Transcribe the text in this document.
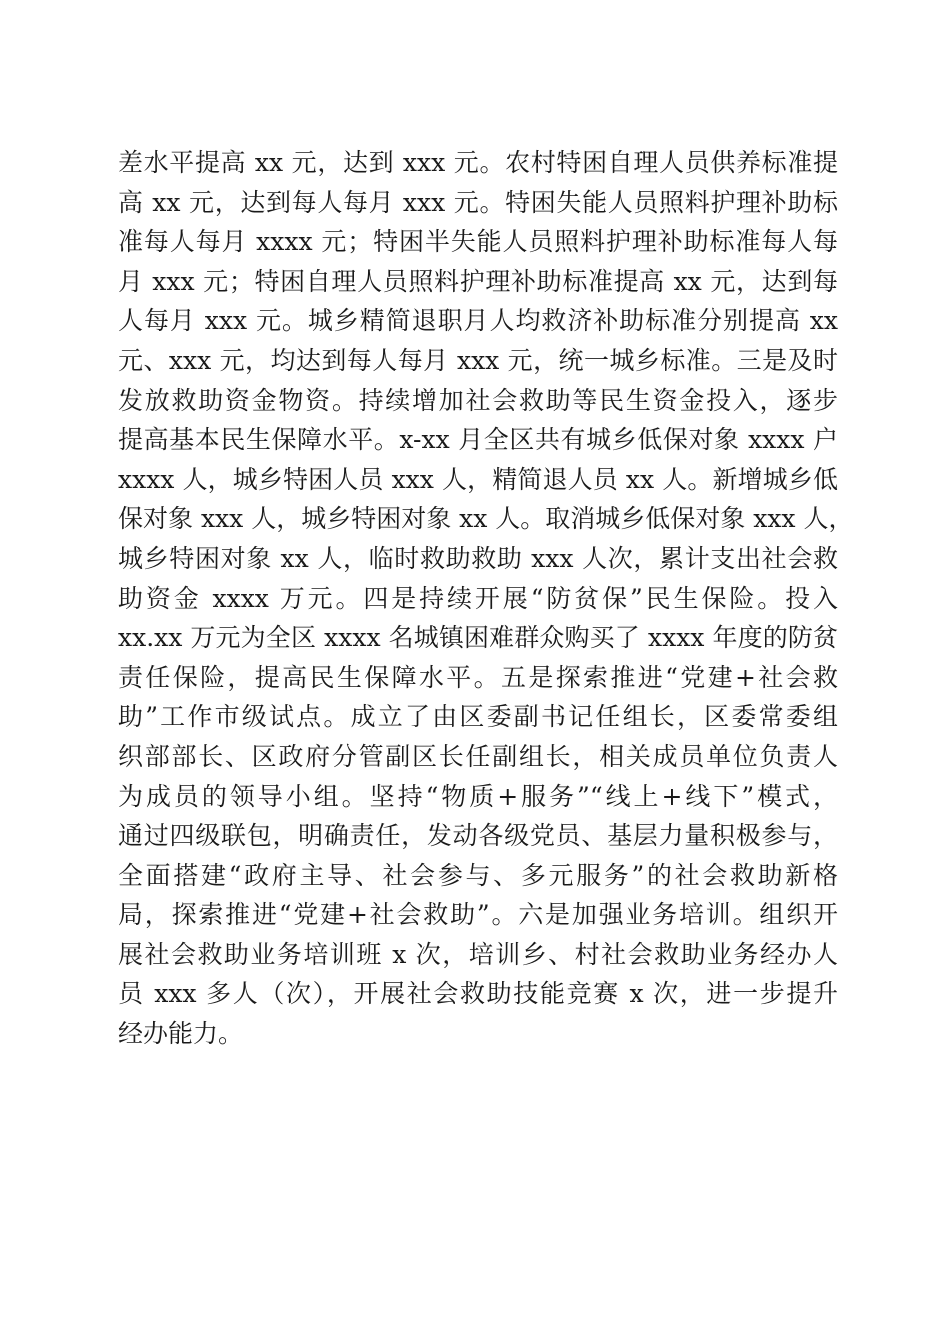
差水平提高 xx 元，达到 xxx 元。农村特困自理人员供养标准提
高 xx 元，达到每人每月 xxx 元。特困失能人员照料护理补助标
准每人每月 xxxx 元；特困半失能人员照料护理补助标准每人每
月 xxx 元；特困自理人员照料护理补助标准提高 xx 元，达到每
人每月 xxx 元。城乡精简退职月人均救济补助标准分别提高 xx
元、xxx 元，均达到每人每月 xxx 元，统一城乡标准。三是及时
发放救助资金物资。持续增加社会救助等民生资金投入，逐步
提高基本民生保障水平。x-xx 月全区共有城乡低保对象 xxxx 户
xxxx 人，城乡特困人员 xxx 人，精简退人员 xx 人。新增城乡低
保对象 xxx 人，城乡特困对象 xx 人。取消城乡低保对象 xxx 人，
城乡特困对象 xx 人，临时救助救助 xxx 人次，累计支出社会救
助资金 xxxx 万元。四是持续开展“防贫保”民生保险。投入
xx.xx 万元为全区 xxxx 名城镇困难群众购买了 xxxx 年度的防贫
责任保险，提高民生保障水平。五是探索推进“党建+社会救
助”工作市级试点。成立了由区委副书记任组长，区委常委组
织部部长、区政府分管副区长任副组长，相关成员单位负责人
为成员的领导小组。坚持“物质+服务”“线上+线下”模式，
通过四级联包，明确责任，发动各级党员、基层力量积极参与，
全面搭建“政府主导、社会参与、多元服务”的社会救助新格
局，探索推进“党建+社会救助”。六是加强业务培训。组织开
展社会救助业务培训班 x 次，培训乡、村社会救助业务经办人
员 xxx 多人（次），开展社会救助技能竞赛 x 次，进一步提升
经办能力。
